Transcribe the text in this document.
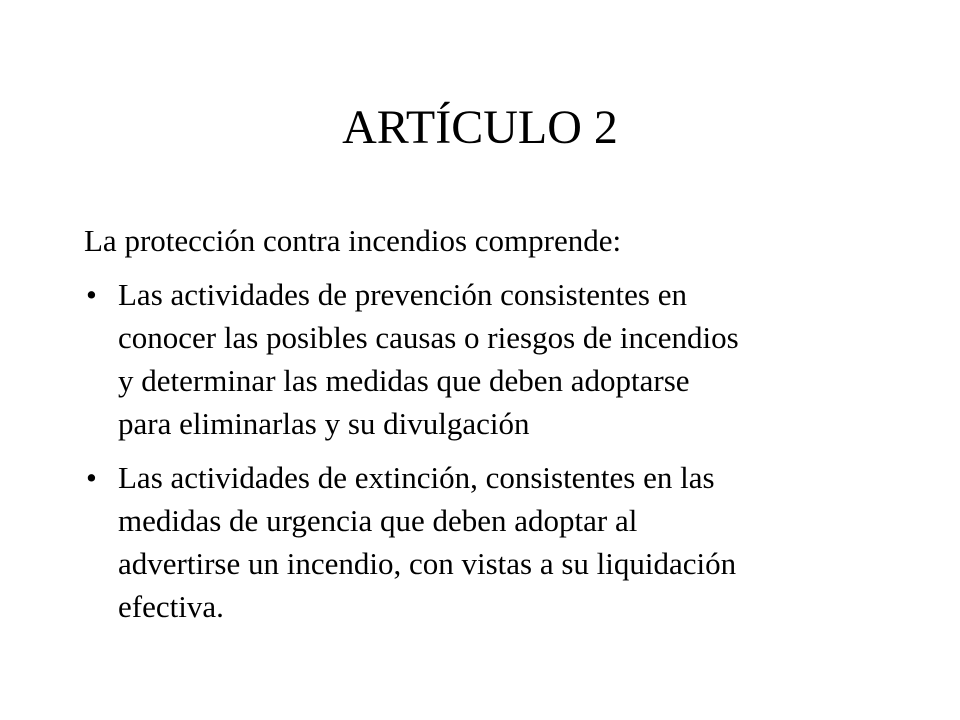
ARTÍCULO 2

La protección contra incendios comprende:

• Las actividades de prevención consistentes en
conocer las posibles causas o riesgos de incendios
y determinar las medidas que deben adoptarse
para eliminarlas y su divulgación
• Las actividades de extinción, consistentes en las
medidas de urgencia que deben adoptar al
advertirse un incendio, con vistas a su liquidación
efectiva.
